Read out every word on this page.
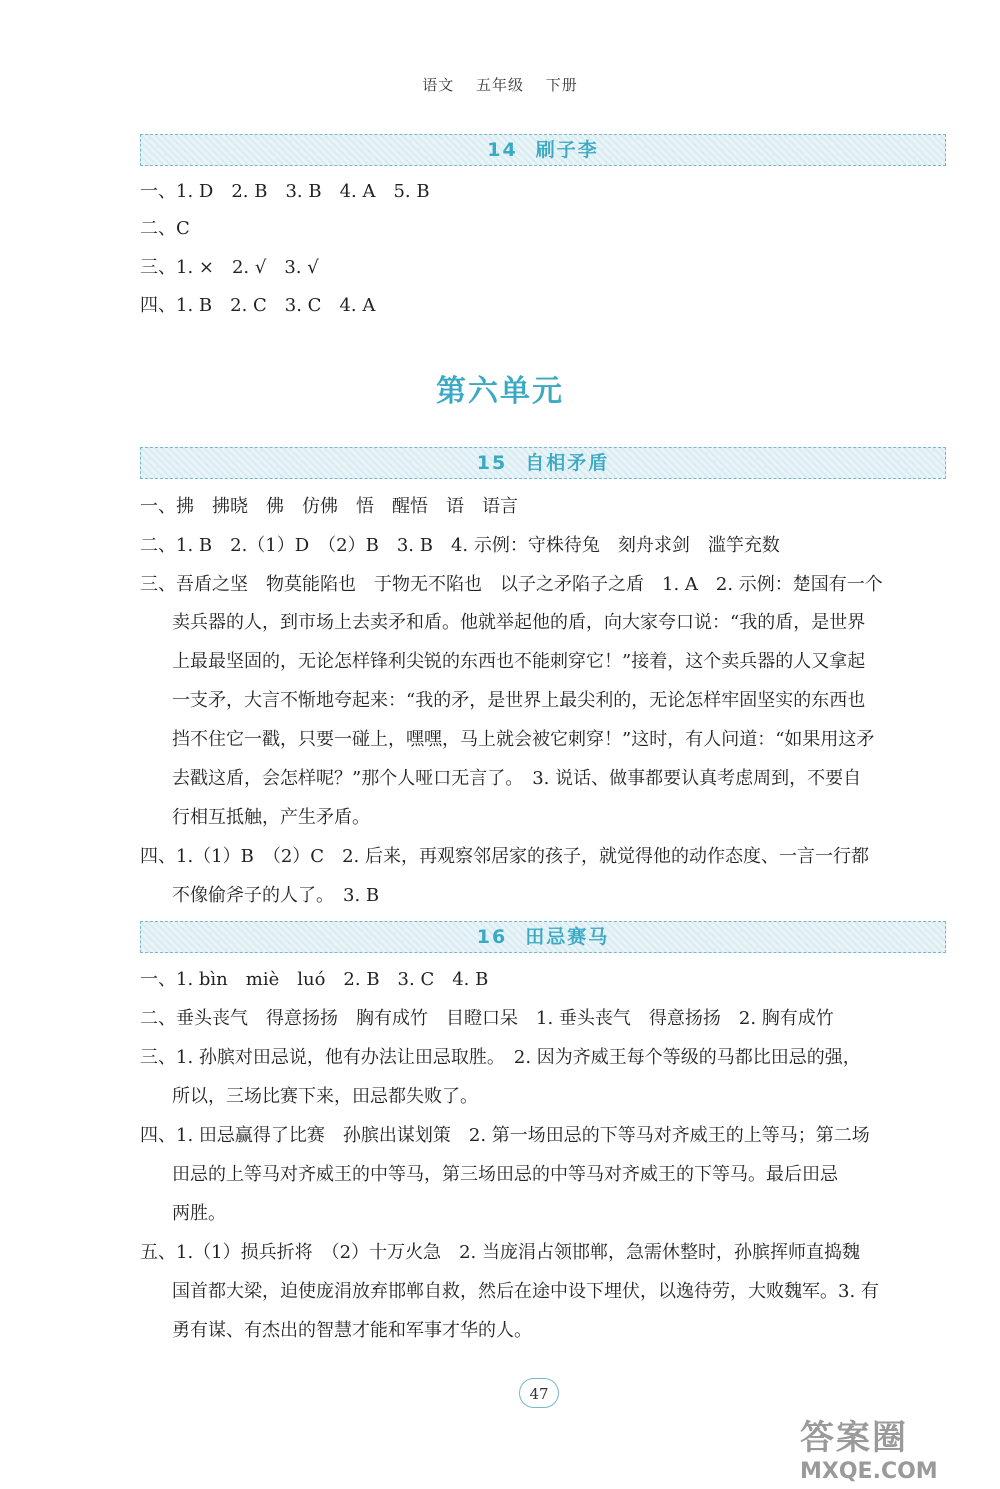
语文 五年级 下册
14 刷子李
一、1. D　2. B　3. B　4. A　5. B
二、C
三、1. ×　2. √　3. √
四、1. B　2. C　3. C　4. A
第六单元
15 自相矛盾
一、拂　拂晓　佛　仿佛　悟　醒悟　语　语言
二、1. B　2.（1）D　（2）B　3. B　4. 示例：守株待兔　刻舟求剑　滥竽充数
三、吾盾之坚　物莫能陷也　于物无不陷也　以子之矛陷子之盾　1. A　2. 示例：楚国有一个
卖兵器的人，到市场上去卖矛和盾。他就举起他的盾，向大家夸口说：“我的盾，是世界
上最最坚固的，无论怎样锋利尖锐的东西也不能刺穿它！”接着，这个卖兵器的人又拿起
一支矛，大言不惭地夸起来：“我的矛，是世界上最尖利的，无论怎样牢固坚实的东西也
挡不住它一戳，只要一碰上，嘿嘿，马上就会被它刺穿！”这时，有人问道：“如果用这矛
去戳这盾，会怎样呢？”那个人哑口无言了。　3. 说话、做事都要认真考虑周到，不要自
行相互抵触，产生矛盾。
四、1.（1）B　（2）C　2. 后来，再观察邻居家的孩子，就觉得他的动作态度、一言一行都
不像偷斧子的人了。　3. B
16 田忌赛马
一、1. bìn　miè　luó　2. B　3. C　4. B
二、垂头丧气　得意扬扬　胸有成竹　目瞪口呆　1. 垂头丧气　得意扬扬　2. 胸有成竹
三、1. 孙膑对田忌说，他有办法让田忌取胜。　2. 因为齐威王每个等级的马都比田忌的强，
所以，三场比赛下来，田忌都失败了。
四、1. 田忌赢得了比赛　孙膑出谋划策　2. 第一场田忌的下等马对齐威王的上等马；第二场
田忌的上等马对齐威王的中等马，第三场田忌的中等马对齐威王的下等马。最后田忌
两胜。
五、1.（1）损兵折将　（2）十万火急　2. 当庞涓占领邯郸，急需休整时，孙膑挥师直捣魏
国首都大梁，迫使庞涓放弃邯郸自救，然后在途中设下埋伏，以逸待劳，大败魏军。3. 有
勇有谋、有杰出的智慧才能和军事才华的人。
47
答案圈
MXQE.COM
